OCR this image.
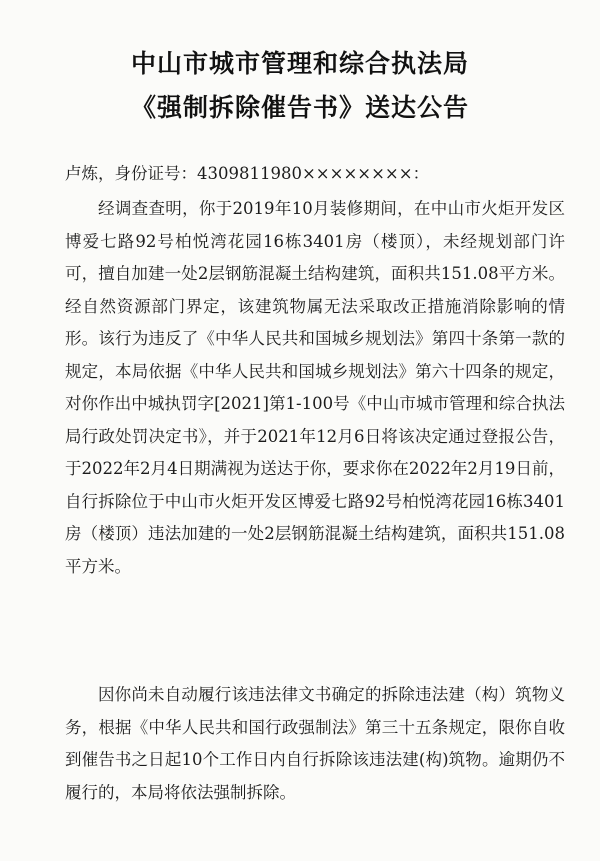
中山市城市管理和综合执法局
《强制拆除催告书》送达公告
卢炼，身份证号：4309811980××××××××：
经调查查明，你于2019年10月装修期间，在中山市火炬开发区博爱七路92号柏悦湾花园16栋3401房（楼顶），未经规划部门许可，擅自加建一处2层钢筋混凝土结构建筑，面积共151.08平方米。经自然资源部门界定，该建筑物属无法采取改正措施消除影响的情形。该行为违反了《中华人民共和国城乡规划法》第四十条第一款的规定，本局依据《中华人民共和国城乡规划法》第六十四条的规定，对你作出中城执罚字[2021]第1-100号《中山市城市管理和综合执法局行政处罚决定书》，并于2021年12月6日将该决定通过登报公告，于2022年2月4日期满视为送达于你，要求你在2022年2月19日前，自行拆除位于中山市火炬开发区博爱七路92号柏悦湾花园16栋3401房（楼顶）违法加建的一处2层钢筋混凝土结构建筑，面积共151.08平方米。
因你尚未自动履行该违法律文书确定的拆除违法建（构）筑物义务，根据《中华人民共和国行政强制法》第三十五条规定，限你自收到催告书之日起10个工作日内自行拆除该违法建(构)筑物。逾期仍不履行的，本局将依法强制拆除。
